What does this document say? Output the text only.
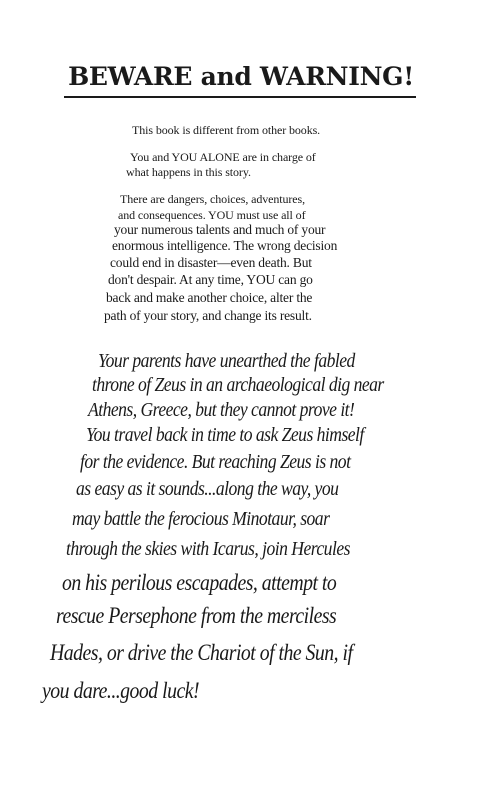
BEWARE and WARNING!
This book is different from other books.
You and YOU ALONE are in charge of
what happens in this story.
There are dangers, choices, adventures,
and consequences. YOU must use all of
your numerous talents and much of your
enormous intelligence. The wrong decision
could end in disaster—even death. But
don't despair. At any time, YOU can go
back and make another choice, alter the
path of your story, and change its result.
Your parents have unearthed the fabled
throne of Zeus in an archaeological dig near
Athens, Greece, but they cannot prove it!
You travel back in time to ask Zeus himself
for the evidence. But reaching Zeus is not
as easy as it sounds...along the way, you
may battle the ferocious Minotaur, soar
through the skies with Icarus, join Hercules
on his perilous escapades, attempt to
rescue Persephone from the merciless
Hades, or drive the Chariot of the Sun, if
you dare...good luck!
